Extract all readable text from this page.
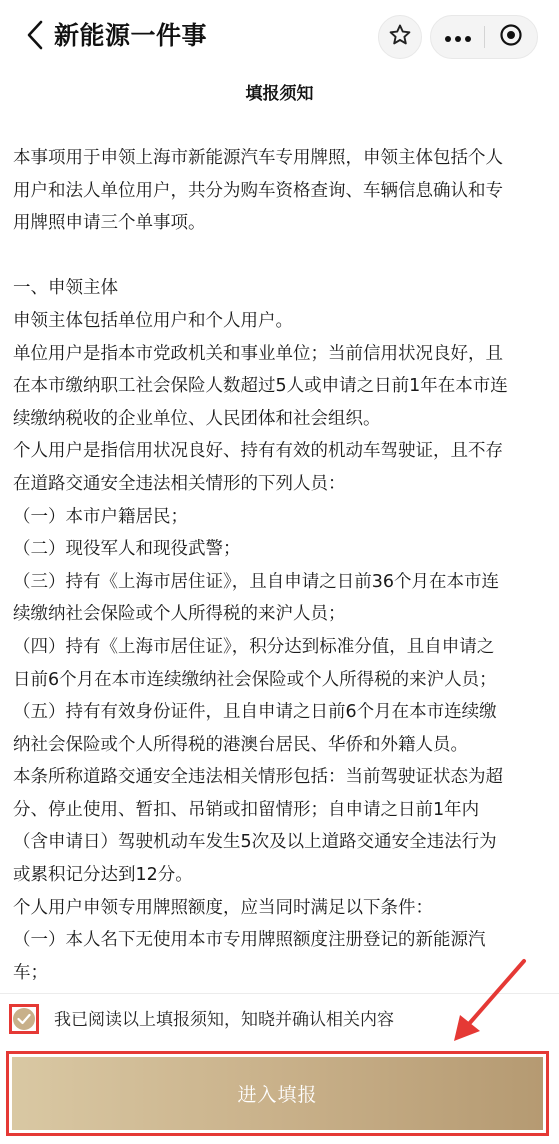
新能源一件事
填报须知

本事项用于申领上海市新能源汽车专用牌照，申领主体包括个人

用户和法人单位用户，共分为购车资格查询、车辆信息确认和专

用牌照申请三个单事项。

一、申领主体

申领主体包括单位用户和个人用户。

单位用户是指本市党政机关和事业单位；当前信用状况良好，且

在本市缴纳职工社会保险人数超过5人或申请之日前1年在本市连

续缴纳税收的企业单位、人民团体和社会组织。

个人用户是指信用状况良好、持有有效的机动车驾驶证，且不存

在道路交通安全违法相关情形的下列人员：

（一）本市户籍居民；

（二）现役军人和现役武警；

（三）持有《上海市居住证》，且自申请之日前36个月在本市连

续缴纳社会保险或个人所得税的来沪人员；

（四）持有《上海市居住证》，积分达到标准分值，且自申请之

日前6个月在本市连续缴纳社会保险或个人所得税的来沪人员；

（五）持有有效身份证件，且自申请之日前6个月在本市连续缴

纳社会保险或个人所得税的港澳台居民、华侨和外籍人员。

本条所称道路交通安全违法相关情形包括：当前驾驶证状态为超

分、停止使用、暂扣、吊销或扣留情形；自申请之日前1年内

（含申请日）驾驶机动车发生5次及以上道路交通安全违法行为

或累积记分达到12分。

个人用户申领专用牌照额度，应当同时满足以下条件：

（一）本人名下无使用本市专用牌照额度注册登记的新能源汽

车；

我已阅读以上填报须知，知晓并确认相关内容
进入填报
